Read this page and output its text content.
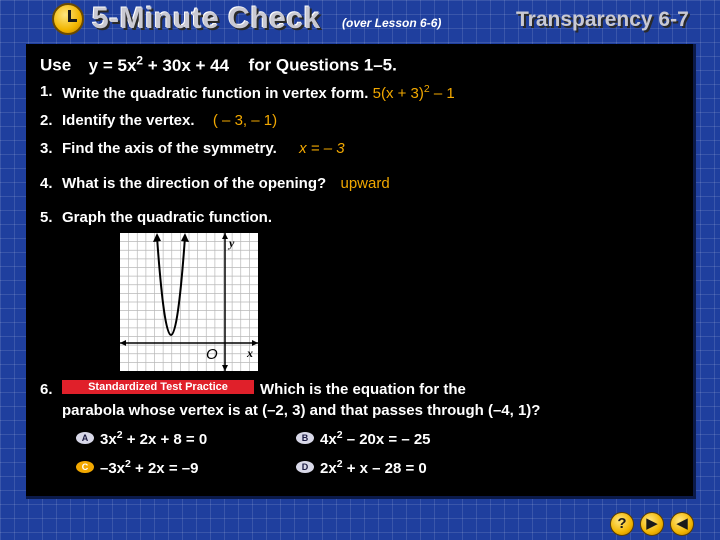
5-Minute Check (over Lesson 6-6)	Transparency 6-7
Use $y = 5x^2 + 30x + 44$ for Questions 1–5.
1. Write the quadratic function in vertex form. $5(x + 3)^2 - 1$
2. Identify the vertex. ( – 3, – 1)
3. Find the axis of the symmetry. x = – 3
4. What is the direction of the opening? upward
5. Graph the quadratic function.
y
x
O
6.	Standardized Test Practice	Which is the equation for the
parabola whose vertex is at (–2, 3) and that passes through (–4, 1)?
A $3x^2 + 2x + 8 = 0$	B $4x^2 - 20x$ = – 25
C $-3x^2 + 2x = -9$	D $2x^2 + x - 28 = 0$
?	▶	◀
